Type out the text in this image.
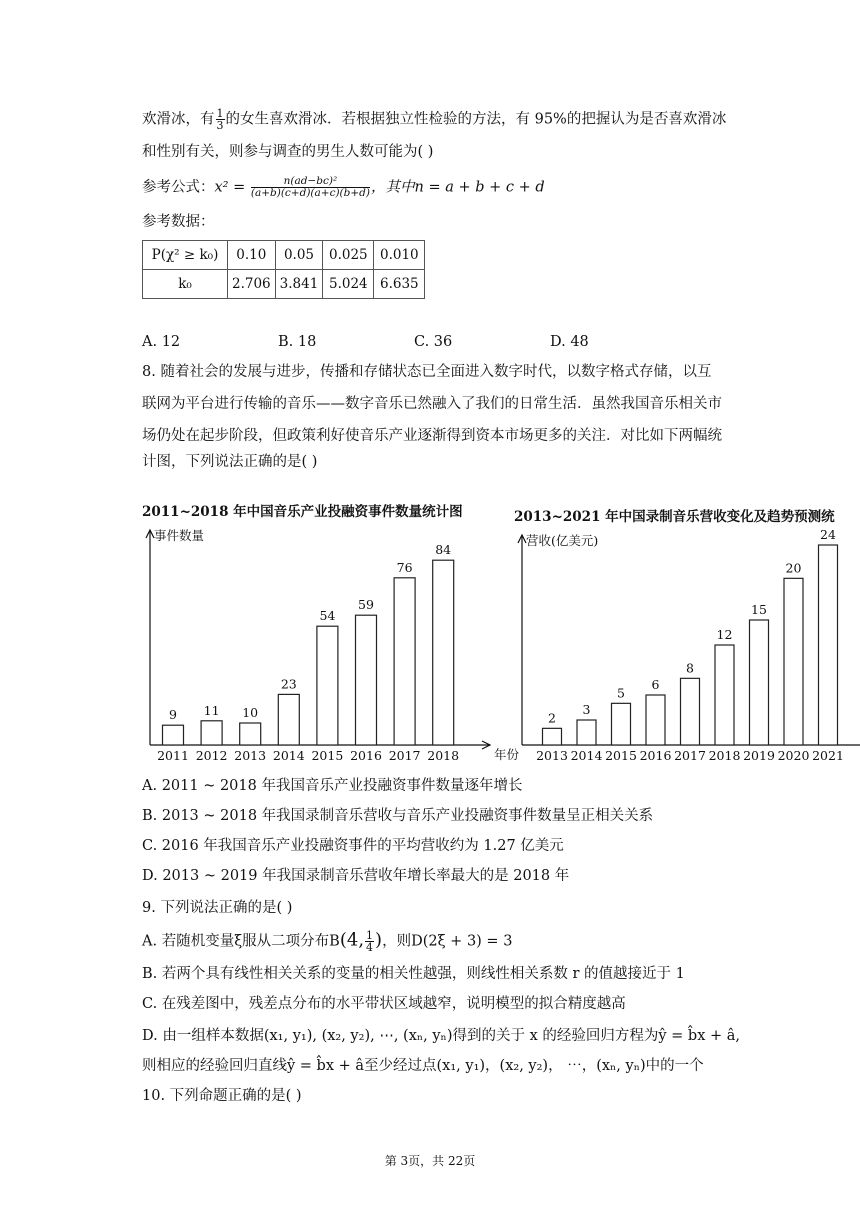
欢滑冰，有 $\frac{1}{3}$ 的女生喜欢滑冰．若根据独立性检验的方法，有 95%的把握认为是否喜欢滑冰
和性别有关，则参与调查的男生人数可能为( )
参考公式：$x^2 = \frac{\text{n(ad−bc)²}}{(a+b)(c+d)(a+c)(b+d)}$ ，其中n = a + b + c + d
参考数据：
P(χ² ≥ k₀)	0.10	0.05	0.025	0.010
k₀	2.706	3.841	5.024	6.635
A. 12	B. 18	C. 36	D. 48
8. 随着社会的发展与进步，传播和存储状态已全面进入数字时代，以数字格式存储，以互
联网为平台进行传输的音乐——数字音乐已然融入了我们的日常生活．虽然我国音乐相关市
场仍处在起步阶段，但政策利好使音乐产业逐渐得到资本市场更多的关注．对比如下两幅统
计图，下列说法正确的是( )
2011~2018 年中国音乐产业投融资事件数量统计图
事件数量
年份
9
2011
11
2012
10
2013
23
2014
54
2015
59
2016
76
2017
84
2018
2013~2021 年中国录制音乐营收变化及趋势预测统
营收(亿美元)
2
2013
3
2014
5
2015
6
2016
8
2017
12
2018
15
2019
20
2020
24
2021
A. 2011 ~ 2018 年我国音乐产业投融资事件数量逐年增长
B. 2013 ~ 2018 年我国录制音乐营收与音乐产业投融资事件数量呈正相关关系
C. 2016 年我国音乐产业投融资事件的平均营收约为 1.27 亿美元
D. 2013 ~ 2019 年我国录制音乐营收年增长率最大的是 2018 年
9. 下列说法正确的是( )
A. 若随机变量ξ服从二项分布B(4, $\frac{1}{4}$ )，则D(2ξ + 3) = 3
B. 若两个具有线性相关关系的变量的相关性越强，则线性相关系数 r 的值越接近于 1
C. 在残差图中，残差点分布的水平带状区域越窄，说明模型的拟合精度越高
D. 由一组样本数据(x₁, y₁), (x₂, y₂), ⋯, (xₙ, yₙ)得到的关于 x 的经验回归方程为ŷ = b̂x + â,
则相应的经验回归直线ŷ = b̂x + â至少经过点(x₁, y₁)，(x₂, y₂)， ⋯，(xₙ, yₙ)中的一个
10. 下列命题正确的是( )
第 3页，共 22页
